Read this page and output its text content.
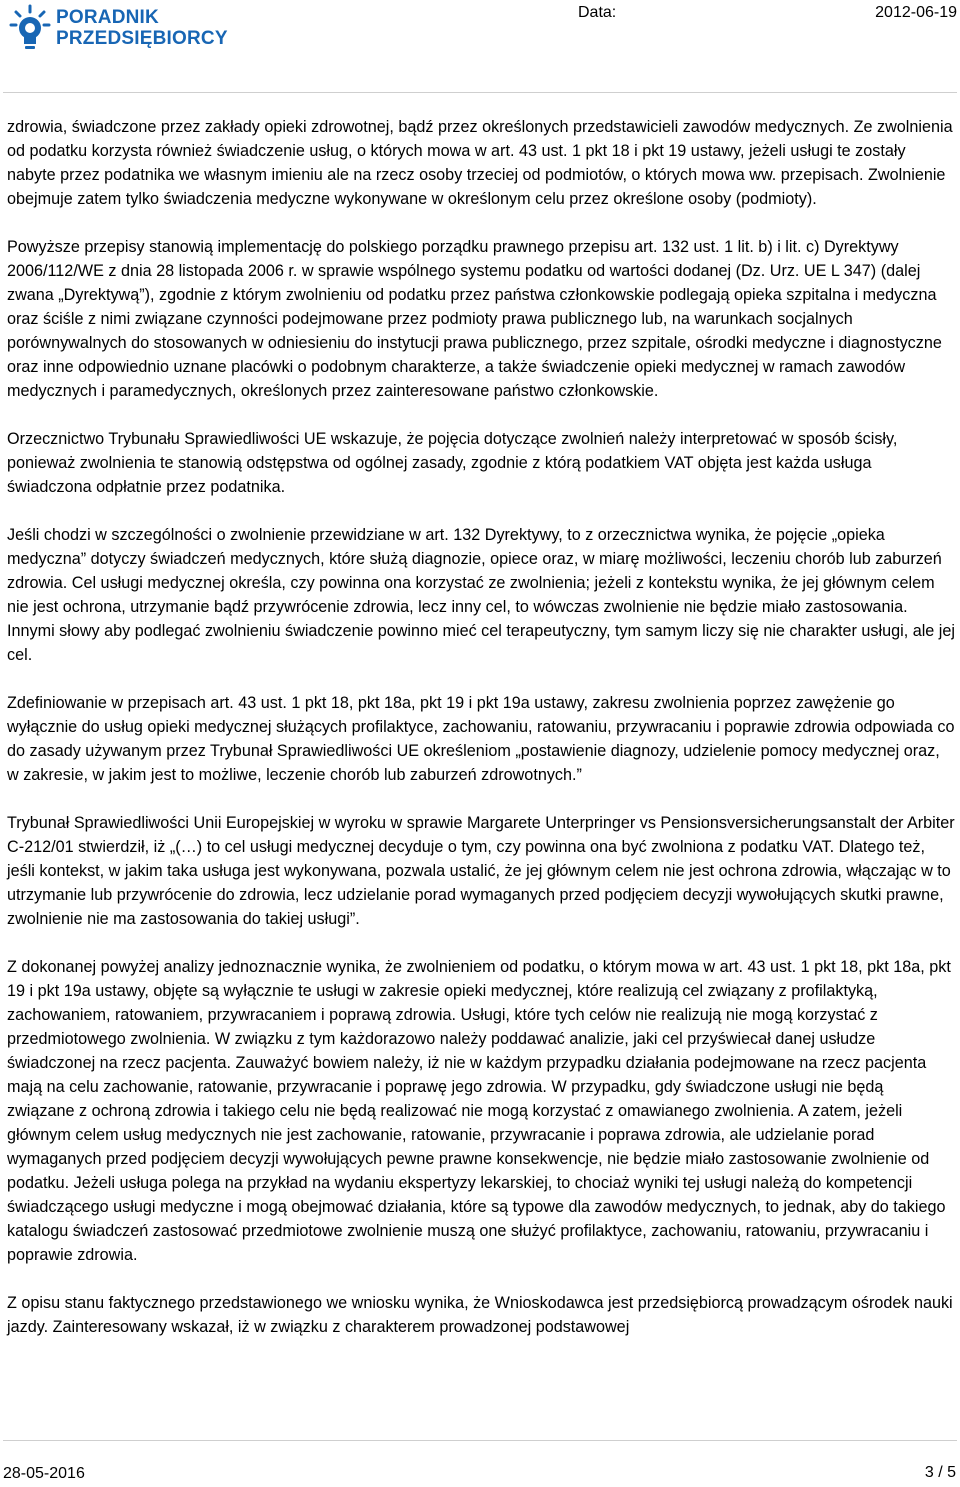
PORADNIK
PRZEDSIĘBIORCY
Data:	2012-06-19

zdrowia, świadczone przez zakłady opieki zdrowotnej, bądź przez określonych przedstawicieli zawodów medycznych. Ze zwolnienia od podatku korzysta również świadczenie usług, o których mowa w art. 43 ust. 1 pkt 18 i pkt 19 ustawy, jeżeli usługi te zostały nabyte przez podatnika we własnym imieniu ale na rzecz osoby trzeciej od podmiotów, o których mowa ww. przepisach. Zwolnienie obejmuje zatem tylko świadczenia medyczne wykonywane w określonym celu przez określone osoby (podmioty).

Powyższe przepisy stanowią implementację do polskiego porządku prawnego przepisu art. 132 ust. 1 lit. b) i lit. c) Dyrektywy 2006/112/WE z dnia 28 listopada 2006 r. w sprawie wspólnego systemu podatku od wartości dodanej (Dz. Urz. UE L 347) (dalej zwana „Dyrektywą”), zgodnie z którym zwolnieniu od podatku przez państwa członkowskie podlegają opieka szpitalna i medyczna oraz ściśle z nimi związane czynności podejmowane przez podmioty prawa publicznego lub, na warunkach socjalnych porównywalnych do stosowanych w odniesieniu do instytucji prawa publicznego, przez szpitale, ośrodki medyczne i diagnostyczne oraz inne odpowiednio uznane placówki o podobnym charakterze, a także świadczenie opieki medycznej w ramach zawodów medycznych i paramedycznych, określonych przez zainteresowane państwo członkowskie.

Orzecznictwo Trybunału Sprawiedliwości UE wskazuje, że pojęcia dotyczące zwolnień należy interpretować w sposób ścisły, ponieważ zwolnienia te stanowią odstępstwa od ogólnej zasady, zgodnie z którą podatkiem VAT objęta jest każda usługa świadczona odpłatnie przez podatnika.

Jeśli chodzi w szczególności o zwolnienie przewidziane w art. 132 Dyrektywy, to z orzecznictwa wynika, że pojęcie „opieka medyczna” dotyczy świadczeń medycznych, które służą diagnozie, opiece oraz, w miarę możliwości, leczeniu chorób lub zaburzeń zdrowia. Cel usługi medycznej określa, czy powinna ona korzystać ze zwolnienia; jeżeli z kontekstu wynika, że jej głównym celem nie jest ochrona, utrzymanie bądź przywrócenie zdrowia, lecz inny cel, to wówczas zwolnienie nie będzie miało zastosowania. Innymi słowy aby podlegać zwolnieniu świadczenie powinno mieć cel terapeutyczny, tym samym liczy się nie charakter usługi, ale jej cel.

Zdefiniowanie w przepisach art. 43 ust. 1 pkt 18, pkt 18a, pkt 19 i pkt 19a ustawy, zakresu zwolnienia poprzez zawężenie go wyłącznie do usług opieki medycznej służących profilaktyce, zachowaniu, ratowaniu, przywracaniu i poprawie zdrowia odpowiada co do zasady używanym przez Trybunał Sprawiedliwości UE określeniom „postawienie diagnozy, udzielenie pomocy medycznej oraz, w zakresie, w jakim jest to możliwe, leczenie chorób lub zaburzeń zdrowotnych.”

Trybunał Sprawiedliwości Unii Europejskiej w wyroku w sprawie Margarete Unterpringer vs Pensionsversicherungsanstalt der Arbiter C-212/01 stwierdził, iż „(…) to cel usługi medycznej decyduje o tym, czy powinna ona być zwolniona z podatku VAT. Dlatego też, jeśli kontekst, w jakim taka usługa jest wykonywana, pozwala ustalić, że jej głównym celem nie jest ochrona zdrowia, włączając w to utrzymanie lub przywrócenie do zdrowia, lecz udzielanie porad wymaganych przed podjęciem decyzji wywołujących skutki prawne, zwolnienie nie ma zastosowania do takiej usługi”.

Z dokonanej powyżej analizy jednoznacznie wynika, że zwolnieniem od podatku, o którym mowa w art. 43 ust. 1 pkt 18, pkt 18a, pkt 19 i pkt 19a ustawy, objęte są wyłącznie te usługi w zakresie opieki medycznej, które realizują cel związany z profilaktyką, zachowaniem, ratowaniem, przywracaniem i poprawą zdrowia. Usługi, które tych celów nie realizują nie mogą korzystać z przedmiotowego zwolnienia. W związku z tym każdorazowo należy poddawać analizie, jaki cel przyświecał danej usłudze świadczonej na rzecz pacjenta. Zauważyć bowiem należy, iż nie w każdym przypadku działania podejmowane na rzecz pacjenta mają na celu zachowanie, ratowanie, przywracanie i poprawę jego zdrowia. W przypadku, gdy świadczone usługi nie będą związane z ochroną zdrowia i takiego celu nie będą realizować nie mogą korzystać z omawianego zwolnienia. A zatem, jeżeli głównym celem usług medycznych nie jest zachowanie, ratowanie, przywracanie i poprawa zdrowia, ale udzielanie porad wymaganych przed podjęciem decyzji wywołujących pewne prawne konsekwencje, nie będzie miało zastosowanie zwolnienie od podatku. Jeżeli usługa polega na przykład na wydaniu ekspertyzy lekarskiej, to chociaż wyniki tej usługi należą do kompetencji świadczącego usługi medyczne i mogą obejmować działania, które są typowe dla zawodów medycznych, to jednak, aby do takiego katalogu świadczeń zastosować przedmiotowe zwolnienie muszą one służyć profilaktyce, zachowaniu, ratowaniu, przywracaniu i poprawie zdrowia.

Z opisu stanu faktycznego przedstawionego we wniosku wynika, że Wnioskodawca jest przedsiębiorcą prowadzącym ośrodek nauki jazdy. Zainteresowany wskazał, iż w związku z charakterem prowadzonej podstawowej

28-05-2016	3 / 5
